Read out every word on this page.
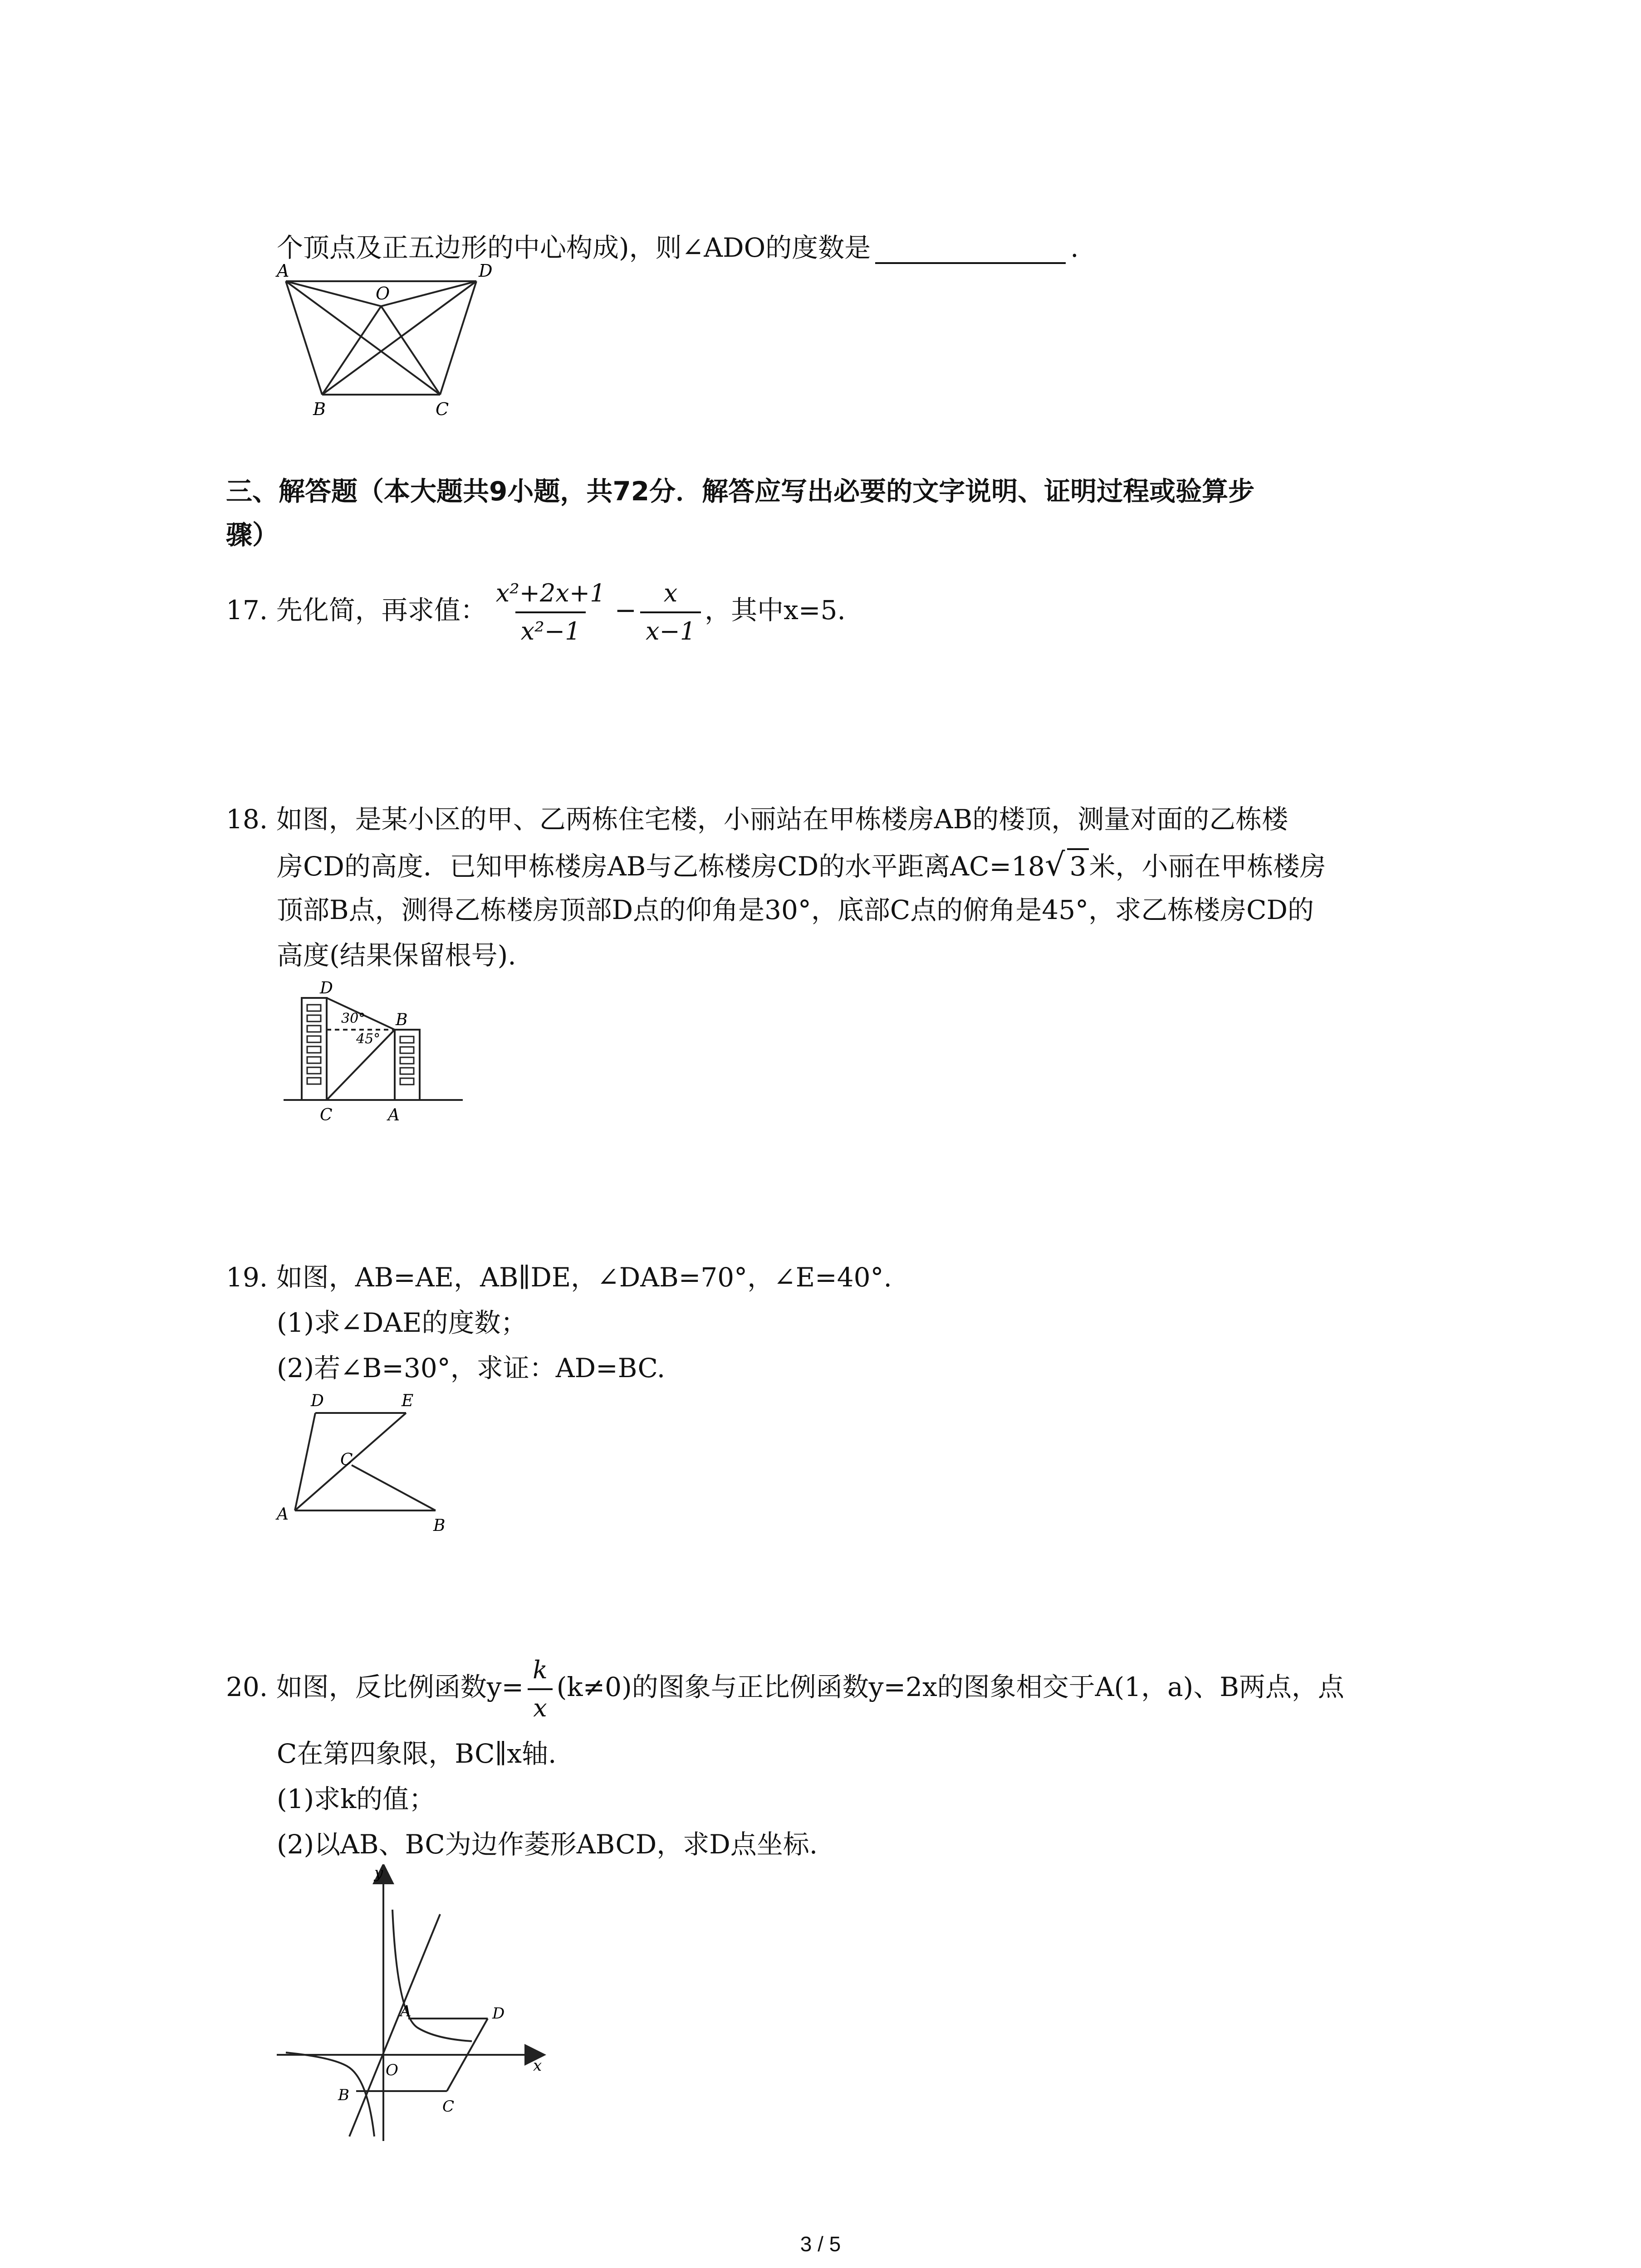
个顶点及正五边形的中心构成)，则∠ADO的度数是	.
A	D
O
B	C
三、解答题（本大题共9小题，共72分．解答应写出必要的文字说明、证明过程或验算步
骤）
17. 先化简，再求值： $\frac{\text{x²+2x+1}}{\text{x²−1}} - \frac{x}{x-1}$ ，其中x=5.
18. 如图，是某小区的甲、乙两栋住宅楼，小丽站在甲栋楼房AB的楼顶，测量对面的乙栋楼
房CD的高度．已知甲栋楼房AB与乙栋楼房CD的水平距离AC=18√ 3 米，小丽在甲栋楼房
顶部B点，测得乙栋楼房顶部D点的仰角是30°，底部C点的俯角是45°，求乙栋楼房CD的
高度(结果保留根号).
D
B
C	A
30°
45°
19. 如图，AB=AE，AB∥DE，∠DAB=70°，∠E=40°.
(1)求∠DAE的度数；
(2)若∠B=30°，求证：AD=BC.
D	E
C
A
B
20. 如图，反比例函数$y= \frac{k}{x} (k\ne 0)$的图象与正比例函数y=2x的图象相交于A(1，a)、B两点，点
C在第四象限，BC∥x轴.
(1)求k的值；
(2)以AB、BC为边作菱形ABCD，求D点坐标.
y
x
O
A	D
B
C
3 / 5
